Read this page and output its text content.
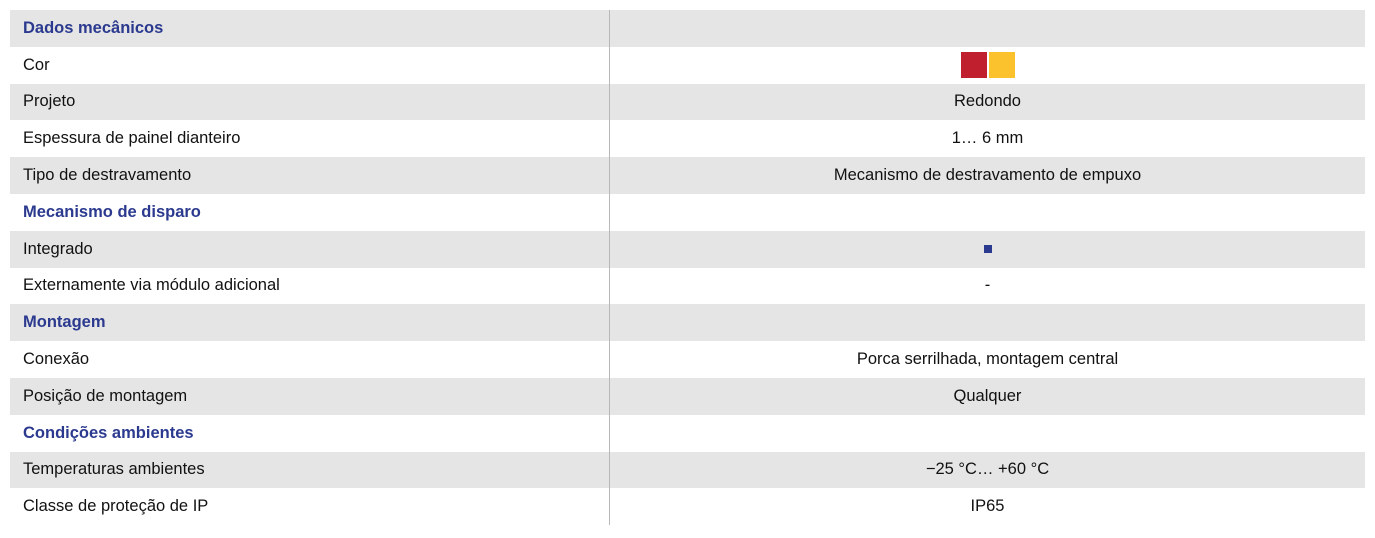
Dados mecânicos
Cor
Projeto	Redondo
Espessura de painel dianteiro	1… 6 mm
Tipo de destravamento	Mecanismo de destravamento de empuxo
Mecanismo de disparo
Integrado
Externamente via módulo adicional	-
Montagem
Conexão	Porca serrilhada, montagem central
Posição de montagem	Qualquer
Condições ambientes
Temperaturas ambientes	−25 °C… +60 °C
Classe de proteção de IP	IP65
